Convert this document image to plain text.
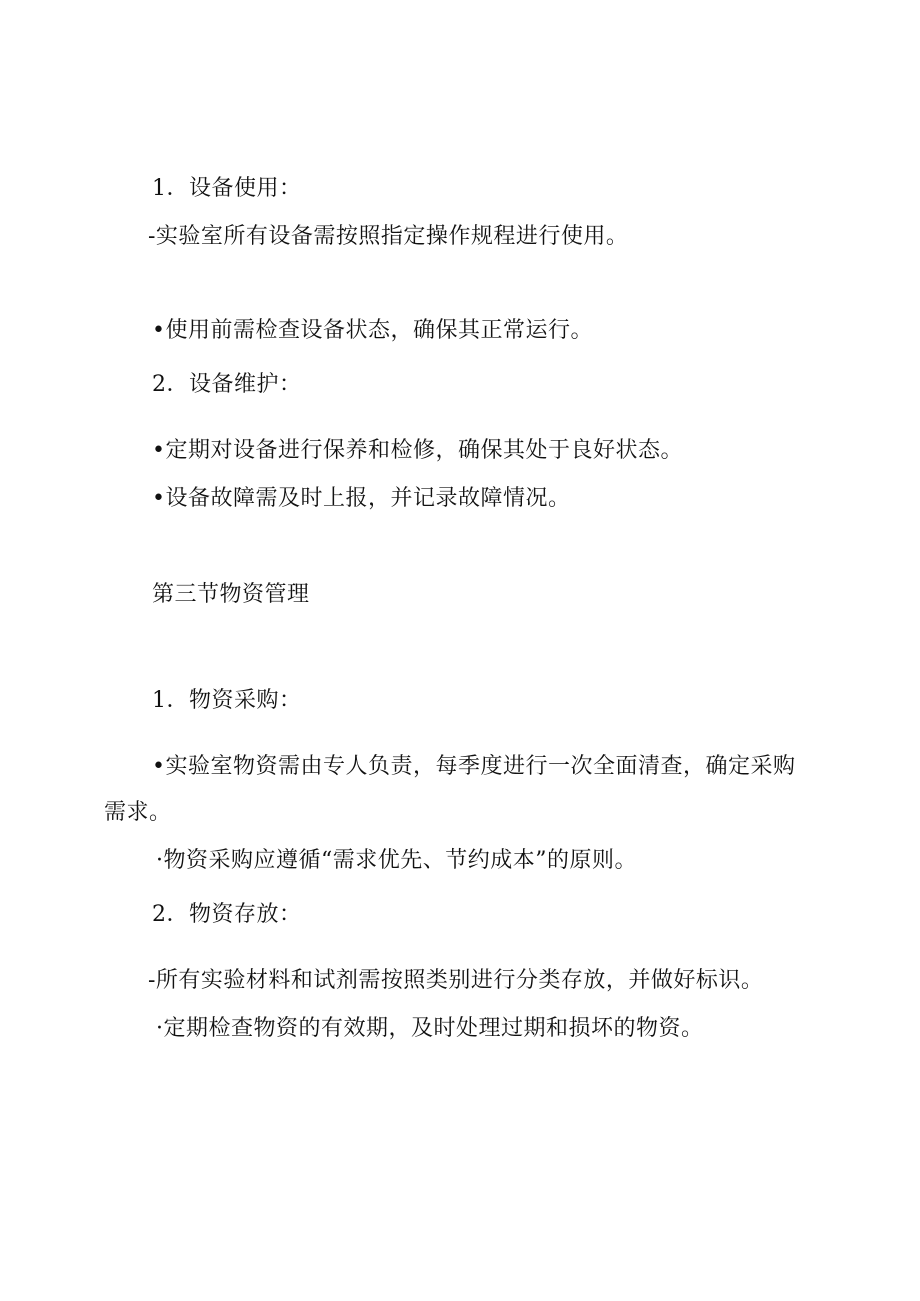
1．设备使用：
-实验室所有设备需按照指定操作规程进行使用。
•使用前需检查设备状态，确保其正常运行。
2．设备维护：
•定期对设备进行保养和检修，确保其处于良好状态。
•设备故障需及时上报，并记录故障情况。
第三节物资管理
1．物资采购：
•实验室物资需由专人负责，每季度进行一次全面清查，确定采购
需求。
·物资采购应遵循“需求优先、节约成本”的原则。
2．物资存放：
-所有实验材料和试剂需按照类别进行分类存放，并做好标识。
·定期检查物资的有效期，及时处理过期和损坏的物资。
